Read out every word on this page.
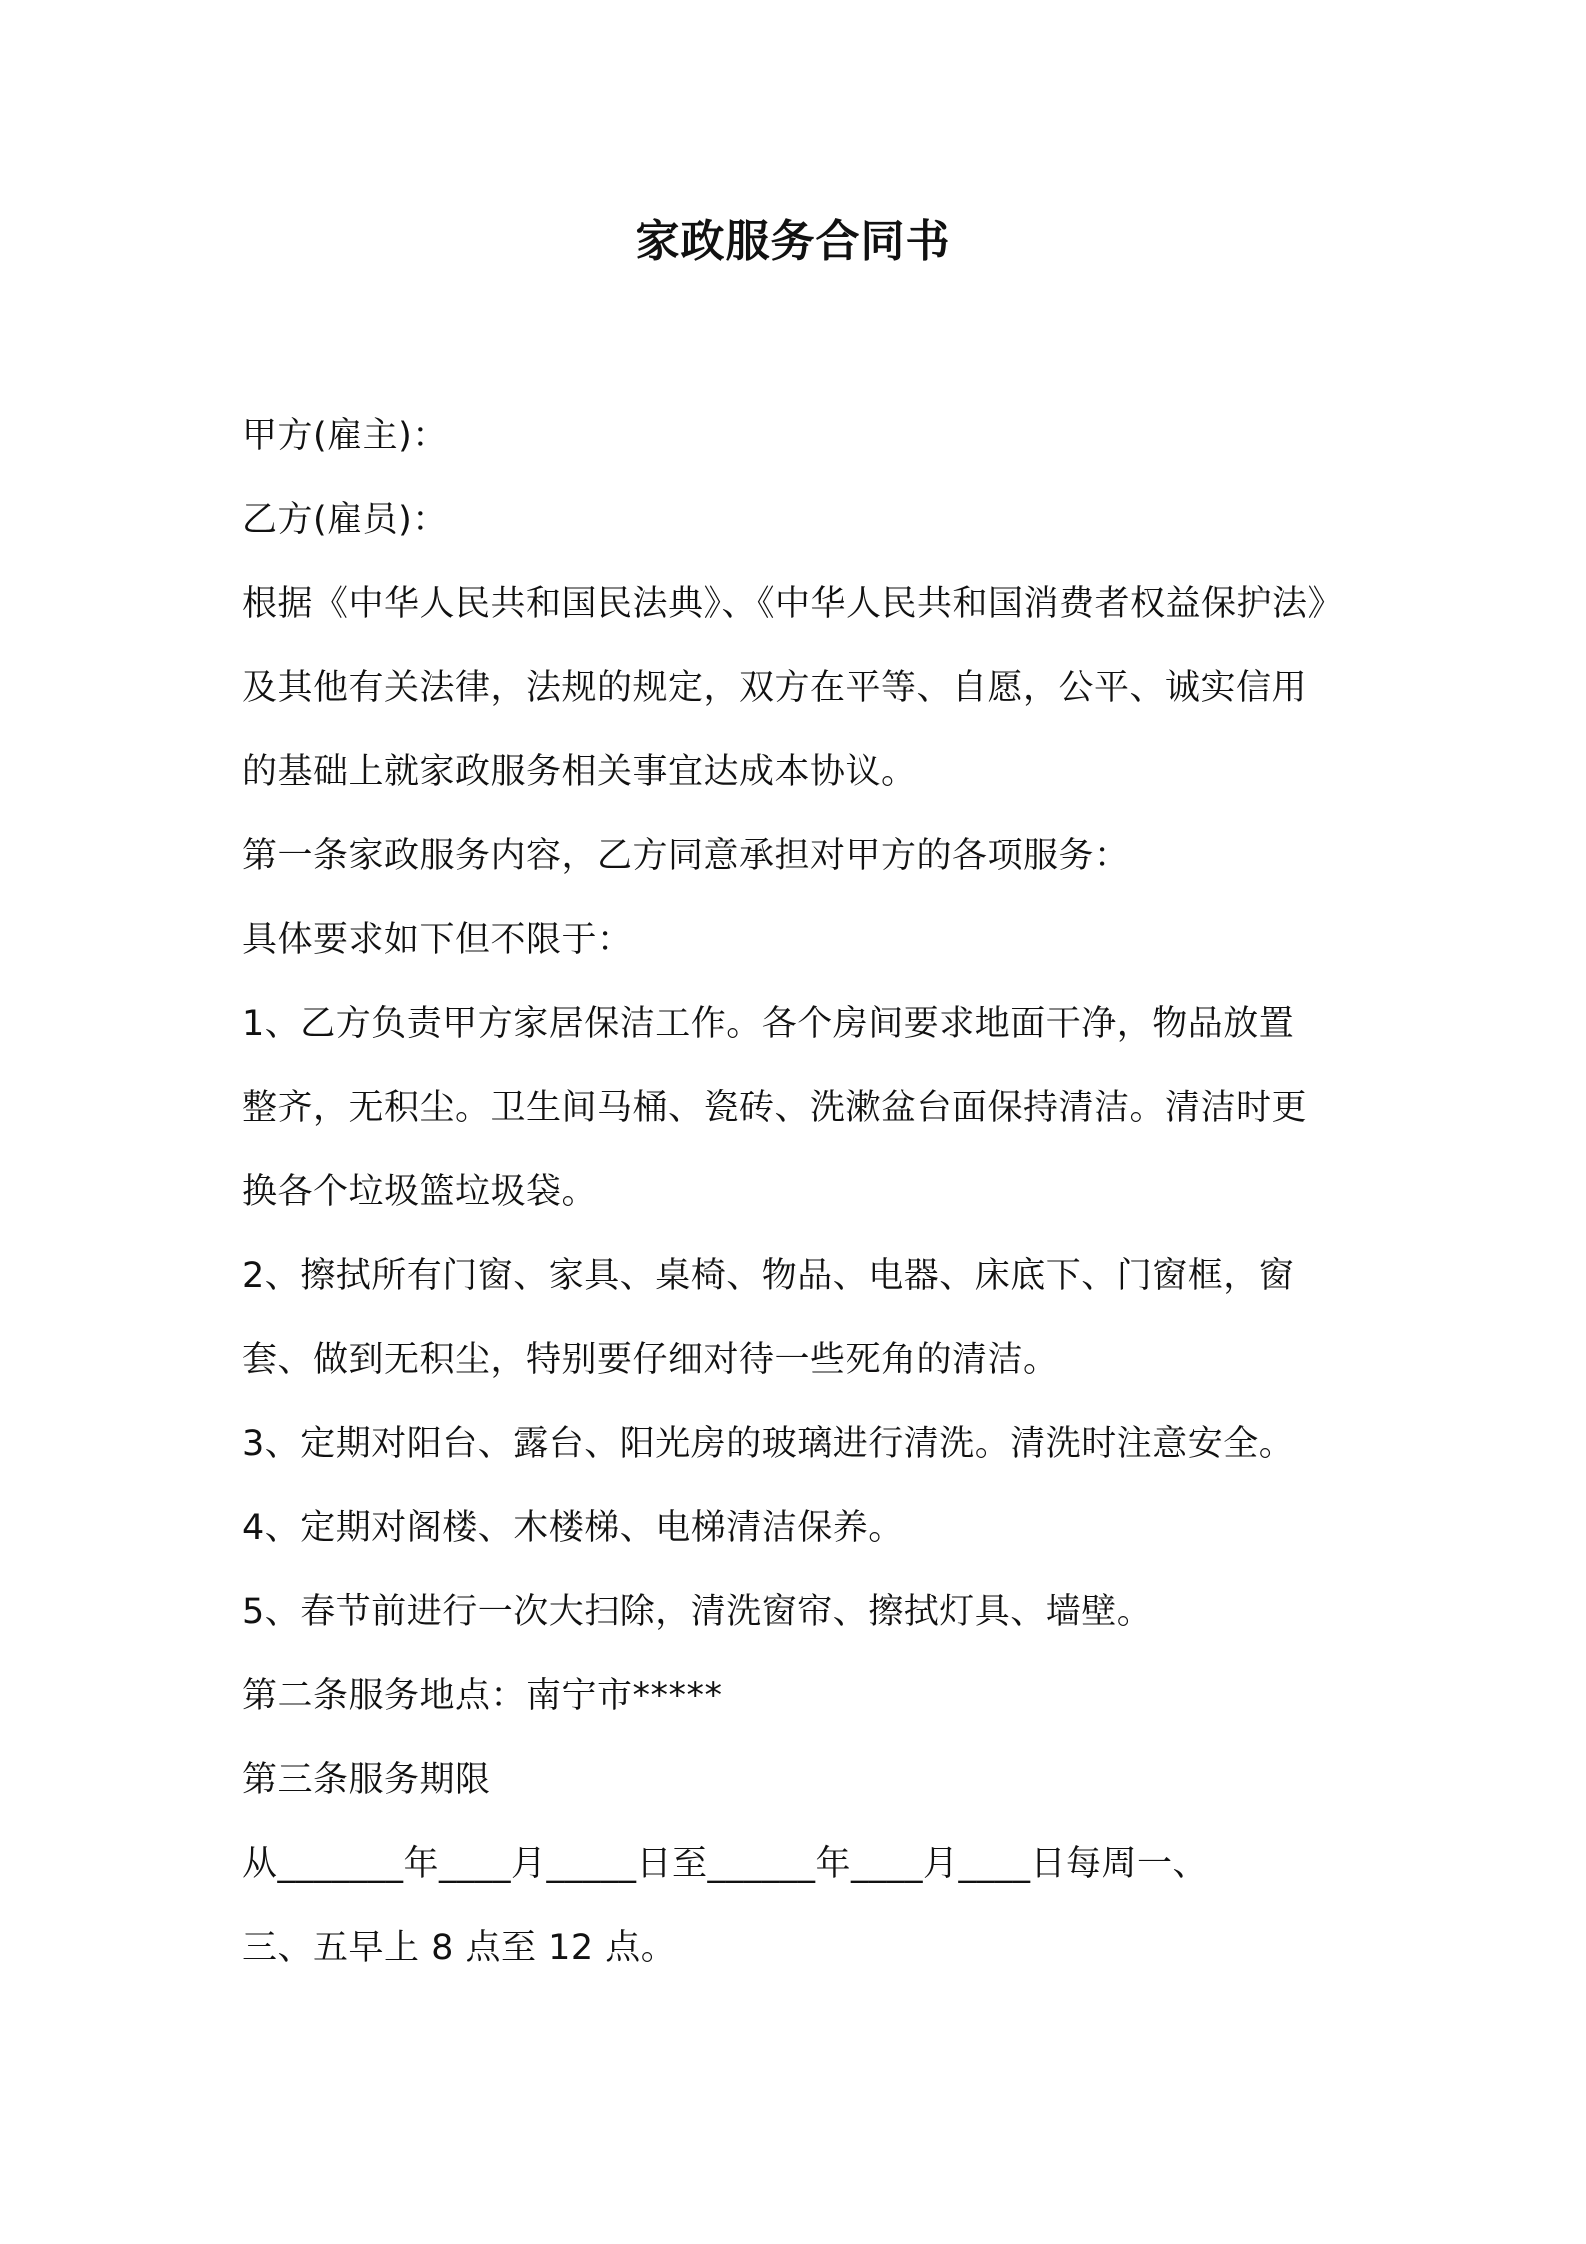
家政服务合同书
甲方(雇主)：
乙方(雇员)：
根据《中华人民共和国民法典》、《中华人民共和国消费者权益保护法》
及其他有关法律，法规的规定，双方在平等、自愿，公平、诚实信用
的基础上就家政服务相关事宜达成本协议。
第一条家政服务内容，乙方同意承担对甲方的各项服务：
具体要求如下但不限于：
1、乙方负责甲方家居保洁工作。各个房间要求地面干净，物品放置
整齐，无积尘。卫生间马桶、瓷砖、洗漱盆台面保持清洁。清洁时更
换各个垃圾篮垃圾袋。
2、擦拭所有门窗、家具、桌椅、物品、电器、床底下、门窗框，窗
套、做到无积尘，特别要仔细对待一些死角的清洁。
3、定期对阳台、露台、阳光房的玻璃进行清洗。清洗时注意安全。
4、定期对阁楼、木楼梯、电梯清洁保养。
5、春节前进行一次大扫除，清洗窗帘、擦拭灯具、墙壁。
第二条服务地点：南宁市*****
第三条服务期限
从_______年____月_____日至______年____月____日每周一、
三、五早上 8 点至 12 点。
